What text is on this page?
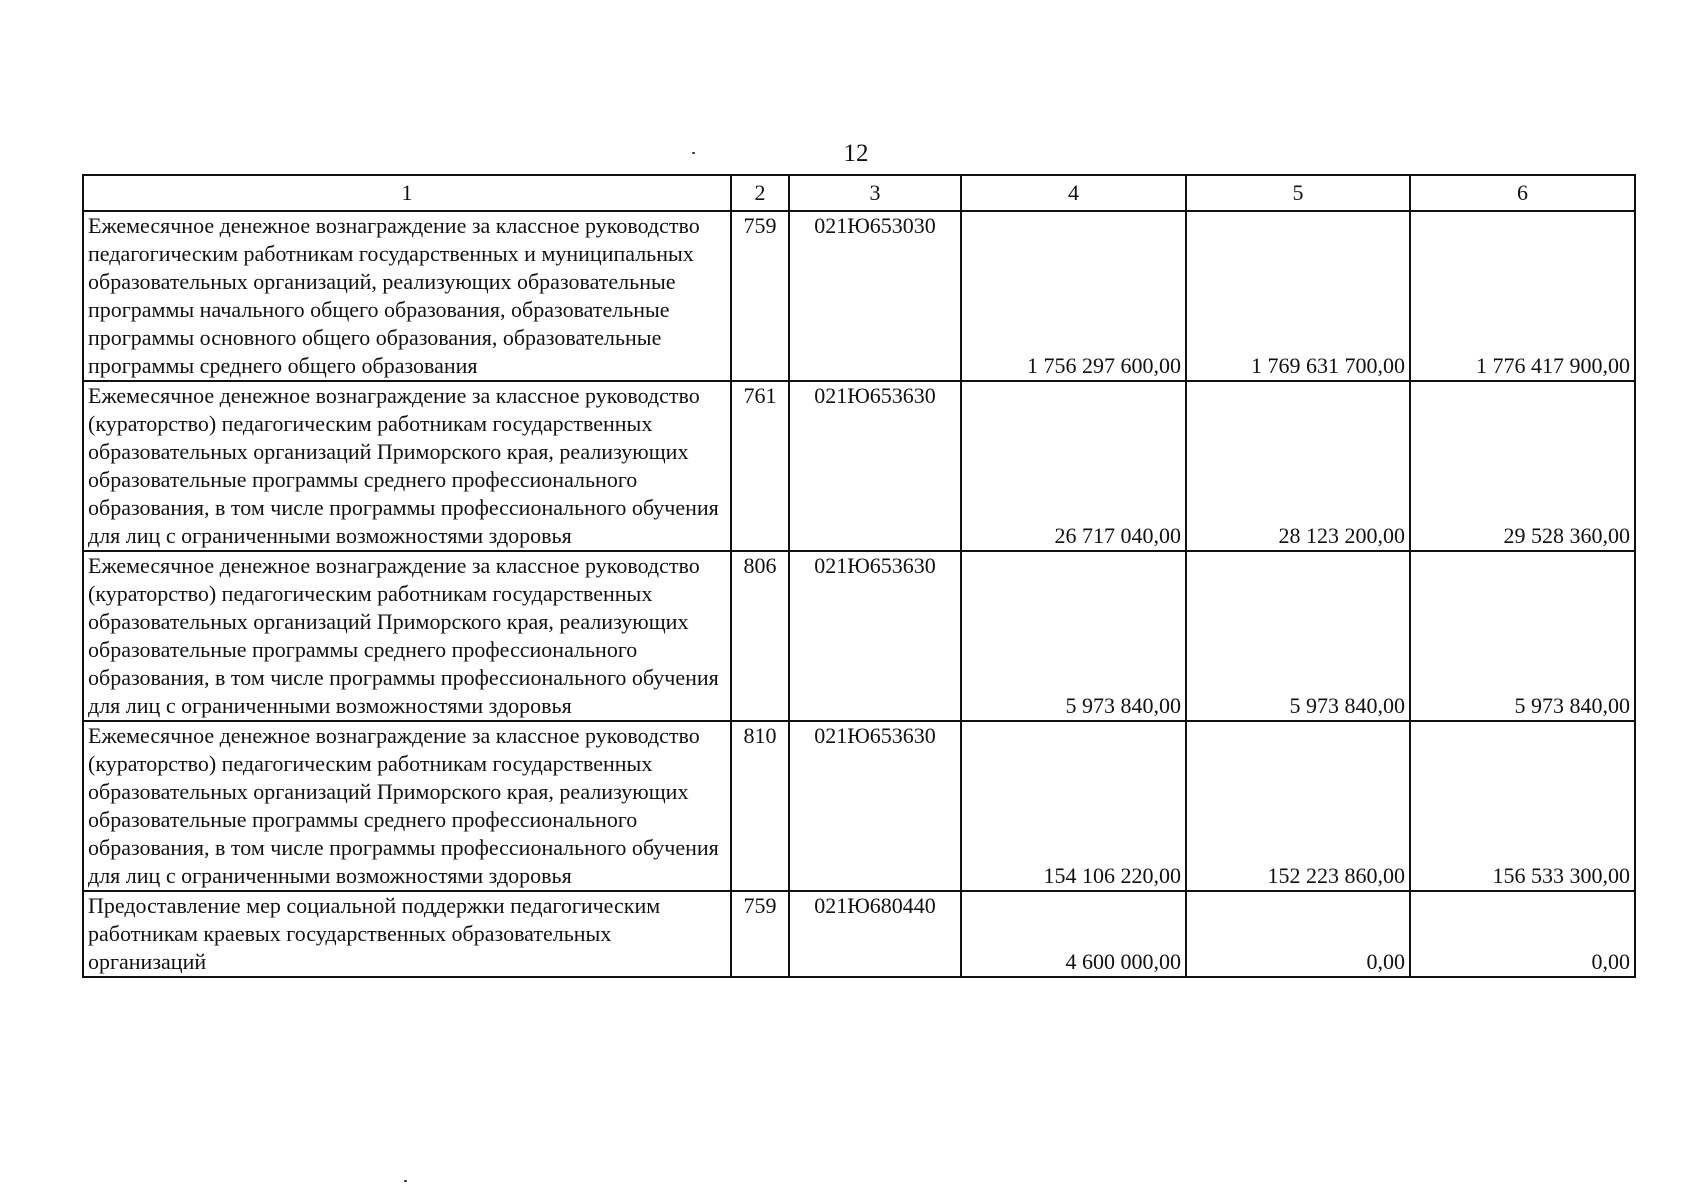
12
1	2	3	4	5	6
Ежемесячное денежное вознаграждение за классное руководство педагогическим работникам государственных и муниципальных образовательных организаций, реализующих образовательные программы начального общего образования, образовательные программы основного общего образования, образовательные программы среднего общего образования	759	021Ю653030	1 756 297 600,00	1 769 631 700,00	1 776 417 900,00
Ежемесячное денежное вознаграждение за классное руководство (кураторство) педагогическим работникам государственных образовательных организаций Приморского края, реализующих образовательные программы среднего профессионального образования, в том числе программы профессионального обучения для лиц с ограниченными возможностями здоровья	761	021Ю653630	26 717 040,00	28 123 200,00	29 528 360,00
Ежемесячное денежное вознаграждение за классное руководство (кураторство) педагогическим работникам государственных образовательных организаций Приморского края, реализующих образовательные программы среднего профессионального образования, в том числе программы профессионального обучения для лиц с ограниченными возможностями здоровья	806	021Ю653630	5 973 840,00	5 973 840,00	5 973 840,00
Ежемесячное денежное вознаграждение за классное руководство (кураторство) педагогическим работникам государственных образовательных организаций Приморского края, реализующих образовательные программы среднего профессионального образования, в том числе программы профессионального обучения для лиц с ограниченными возможностями здоровья	810	021Ю653630	154 106 220,00	152 223 860,00	156 533 300,00
Предоставление мер социальной поддержки педагогическим работникам краевых государственных образовательных организаций	759	021Ю680440	4 600 000,00	0,00	0,00
